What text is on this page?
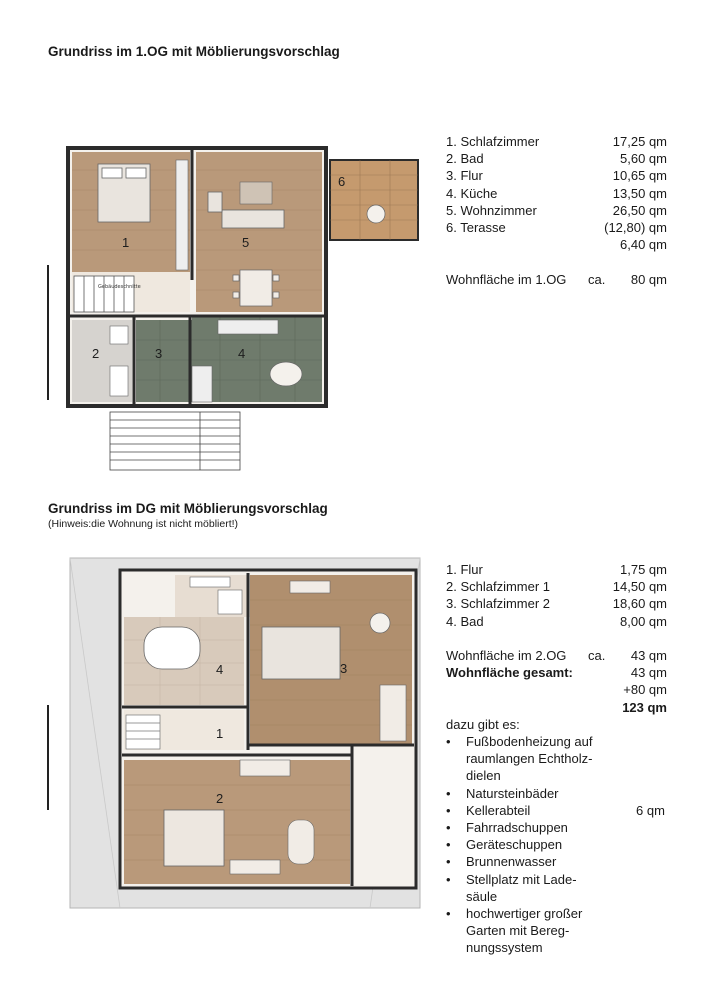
Grundriss im 1.OG mit Möblierungsvorschlag
Gebäudeschnitte
1
2	3	4
5
6
1. Schlafzimmer	17,25 qm
2. Bad	5,60 qm
3. Flur	10,65 qm
4. Küche	13,50 qm
5. Wohnzimmer	26,50 qm
6. Terasse	(12,80) qm
6,40 qm
Wohnfläche im 1.OG ca. 80 qm
Grundriss im DG mit Möblierungsvorschlag
(Hinweis:die Wohnung ist nicht möbliert!)
1
2
3
4
1. Flur	1,75 qm
2. Schlafzimmer 1	14,50 qm
3. Schlafzimmer 2	18,60 qm
4. Bad	8,00 qm
Wohnfläche im 2.OG ca. 43 qm
Wohnfläche gesamt:	43 qm
+80 qm
123 qm
dazu gibt es:
• Fußbodenheizung auf
raumlangen Echtholz-
dielen
• Natursteinbäder
• Kellerabteil	6 qm
• Fahrradschuppen
• Geräteschuppen
• Brunnenwasser
• Stellplatz mit Lade-
säule
• hochwertiger großer
Garten mit Bereg-
nungssystem
